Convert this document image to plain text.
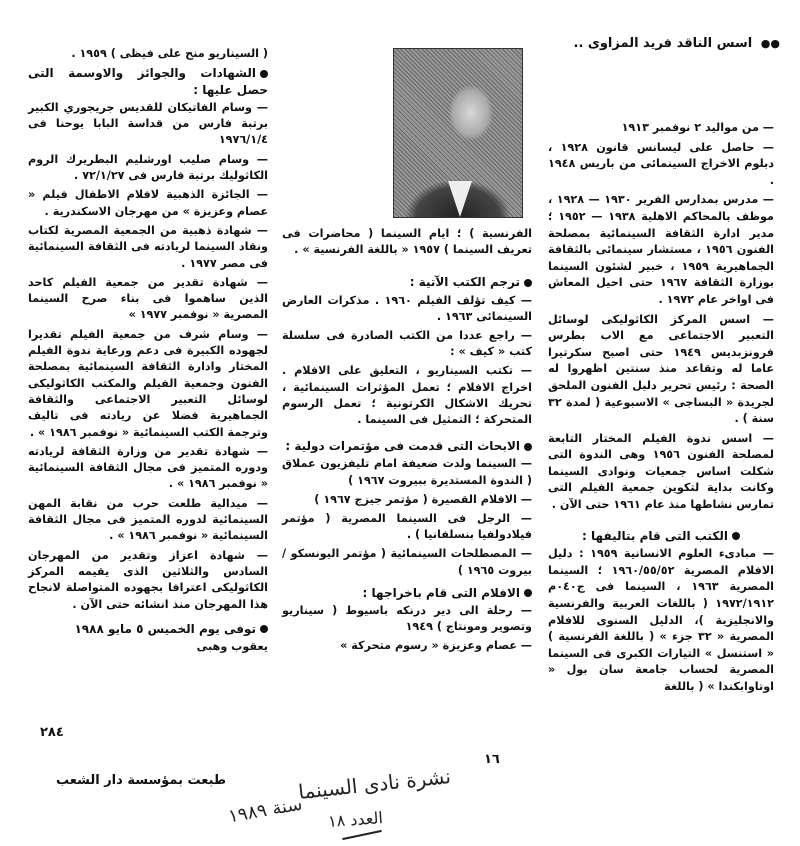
●● اسس الناقد فريد المزاوى ..

— من مواليد ٢ نوفمبر ١٩١٣

— حاصل على ليسانس قانون ١٩٢٨ ، دبلوم الاخراج السينمائى من باريس ١٩٤٨ .

— مدرس بمدارس الفرير ١٩٣٠ — ١٩٢٨ ، موظف بالمحاكم الاهلية ١٩٣٨ — ١٩٥٢ ؛ مدير ادارة الثقافة السينمائية بمصلحة الفنون ١٩٥٦ ، مستشار سينمائى بالثقافة الجماهيرية ١٩٥٩ ، خبير لشئون السينما بوزارة الثقافة ١٩٦٧ حتى احيل المعاش فى اواخر عام ١٩٧٢ .

— اسس المركز الكاثوليكى لوسائل التعبير الاجتماعى مع الاب بطرس فرونزبديس ١٩٤٩ حتى اصبح سكرتيرا عاما له وتقاعد منذ سنتين اظهروا له الصحة : رئيس تحرير دليل الفنون الملحق لجريدة « البساجى » الاسبوعية ( لمدة ٣٢ سنة ) .

— اسس ندوة الفيلم المختار التابعة لمصلحة الفنون ١٩٥٦ وهى الندوة التى شكلت اساس جمعيات ونوادى السينما وكانت بداية لتكوين جمعية الفيلم التى تمارس نشاطها منذ عام ١٩٦١ حتى الآن .

الكتب التى قام بتاليفها :

— مبادىء العلوم الانسانية ١٩٥٩ : دليل الافلام المصرية ١٩٦٠/٥٥/٥٢ ؛ السينما المصرية ١٩٦٣ ، السينما فى ج٠٤٠م ١٩٧٢/١٩١٢ ( باللغات العربية والفرنسية والانجليزية )، الدليل السنوى للافلام المصرية « ٣٢ جزء » ( باللغة الفرنسية ) « استنسل » التيارات الكبرى فى السينما المصرية لحساب جامعة سان بول « اوتاوابكندا » ( باللغة

الفرنسية ) ؛ ايام السينما ( محاضرات فى تعريف السينما ) ١٩٥٧ « باللغة الفرنسية » .

ترجم الكتب الآتية :

— كيف تؤلف الفيلم ١٩٦٠ . مذكرات العارض السينمائى ١٩٦٣ .

— راجع عددا من الكتب الصادرة فى سلسلة كتب « كيف » :

— تكتب السيناريو ، التعليق على الافلام . اخراج الافلام ؛ تعمل المؤثرات السينمائية ، تحريك الاشكال الكرتونية ؛ تعمل الرسوم المتحركة ؛ التمثيل فى السينما .

الابحاث التى قدمت فى مؤتمرات دولية :

— السينما ولدت ضعيفة امام تليفزيون عملاق ( الندوة المستديرة ببيروت ١٩٦٧ )

— الافلام القصيرة ( مؤتمر جيزج ١٩٦٧ )

— الرجل فى السينما المصرية ( مؤتمر فيلادولفيا بنسلفانيا ) .

— المصطلحات السينمائية ( مؤتمر اليونسكو / بيروت ١٩٦٥ )

الافلام التى قام باخراجها :

— رحلة الى دير درنكه باسيوط ( سيناريو وتصوير ومونتاج ) ١٩٤٩

— عصام وعزيزة « رسوم متحركة »

( السيناريو منح على فيظى ) ١٩٥٩ .

الشهادات والجوائز والاوسمة التى حصل عليها :

— وسام الفاتيكان للقديس جريجوري الكبير برتبة فارس من قداسة البابا يوحنا فى ١٩٧٦/١/٤

— وسام صليب اورشليم البطريرك الروم الكاثوليك برتبة فارس فى ٧٢/١/٢٧ .

— الجائزة الذهبية لافلام الاطفال فيلم « عصام وعزيزة » من مهرجان الاسكندرية .

— شهادة ذهبية من الجمعية المصرية لكتاب ونقاد السينما لريادته فى الثقافة السينمائية فى مصر ١٩٧٧ .

— شهادة تقدير من جمعية الفيلم كاحد الذين ساهموا فى بناء صرح السينما المصرية « نوفمبر ١٩٧٧ »

— وسام شرف من جمعية الفيلم تقديرا لجهوده الكبيرة فى دعم ورعاية ندوة الفيلم المختار وادارة الثقافة السينمائية بمصلحة الفنون وجمعية الفيلم والمكتب الكاثوليكى لوسائل التعبير الاجتماعى والثقافة الجماهيرية فضلا عن ريادته فى تاليف وترجمة الكتب السينمائية « نوفمبر ١٩٨٦ » .

— شهادة تقدير من وزارة الثقافة لريادته ودوره المتميز فى مجال الثقافة السينمائية « نوفمبر ١٩٨٦ » .

— ميدالية طلعت حرب من نقابة المهن السينمائية لدوره المتميز فى مجال الثقافة السينمائية « نوفمبر ١٩٨٦ » .

— شهادة اعزاز وتقدير من المهرجان السادس والثلاثين الذى يقيمه المركز الكاثوليكى اعترافا بجهوده المتواصلة لانجاح هذا المهرجان منذ انشائه حتى الآن .

توفى يوم الخميس ٥ مايو ١٩٨٨

يعقوب وهبى

٢٨٤
طبعت بمؤسسة دار الشعب
١٦
نشرة نادى السينما
سنة ١٩٨٩
العدد ١٨
